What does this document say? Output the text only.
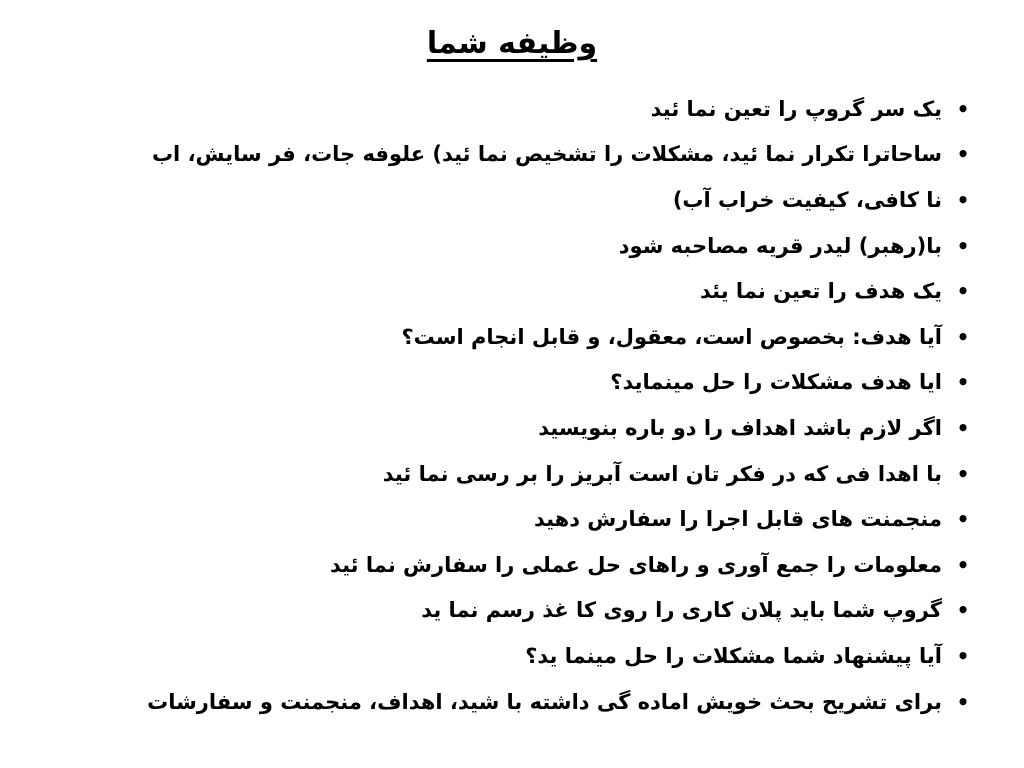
وظیفه شما
•
یک سر گروپ را تعین نما ئید
•
ساحاترا تکرار نما ئید، مشکلات را تشخیص نما ئید) علوفه جات، فر سایش، اب
•
نا کافی، کیفیت خراب آب)
•
با(رهبر) لیدر قریه مصاحبه شود
•
یک هدف را تعین نما یئد
•
آیا هدف: بخصوص است، معقول، و قابل انجام است؟
•
ایا هدف مشکلات را حل مینماید؟
•
اگر لازم باشد اهداف را دو باره بنویسید
•
با اهدا فی که در فکر تان است آبریز را بر رسی نما ئید
•
منجمنت های قابل اجرا را سفارش دهید
•
معلومات را جمع آوری و راهای حل عملی را سفارش نما ئید
•
گروپ شما باید پلان کاری را روی کا غذ رسم نما ید
•
آیا پیشنهاد شما مشکلات را حل مینما ید؟
•
برای تشریح بحث خویش اماده گی داشته با شید، اهداف، منجمنت و سفارشات
